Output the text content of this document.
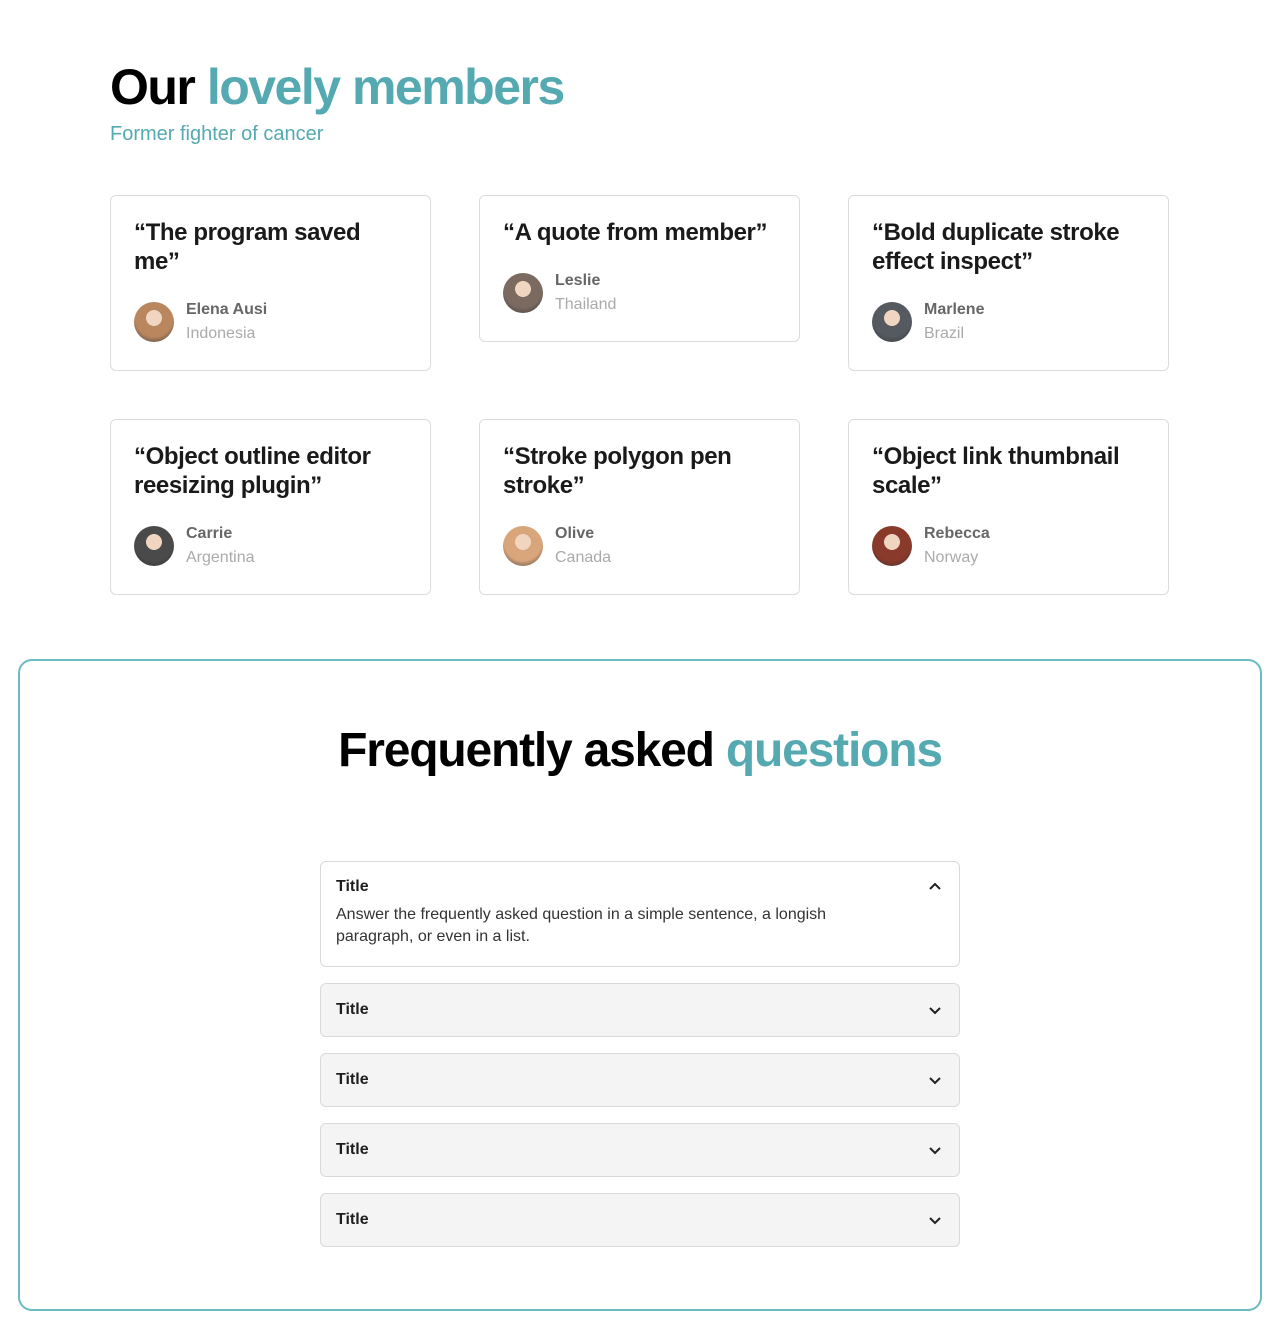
Our lovely members
Former fighter of cancer
“The program saved me”
Elena Ausi
Indonesia
“A quote from member”
Leslie
Thailand
“Bold duplicate stroke effect inspect”
Marlene
Brazil
“Object outline editor reesizing plugin”
Carrie
Argentina
“Stroke polygon pen stroke”
Olive
Canada
“Object link thumbnail scale”
Rebecca
Norway
Frequently asked questions
Title
Answer the frequently asked question in a simple sentence, a longish paragraph, or even in a list.
Title
Title
Title
Title
